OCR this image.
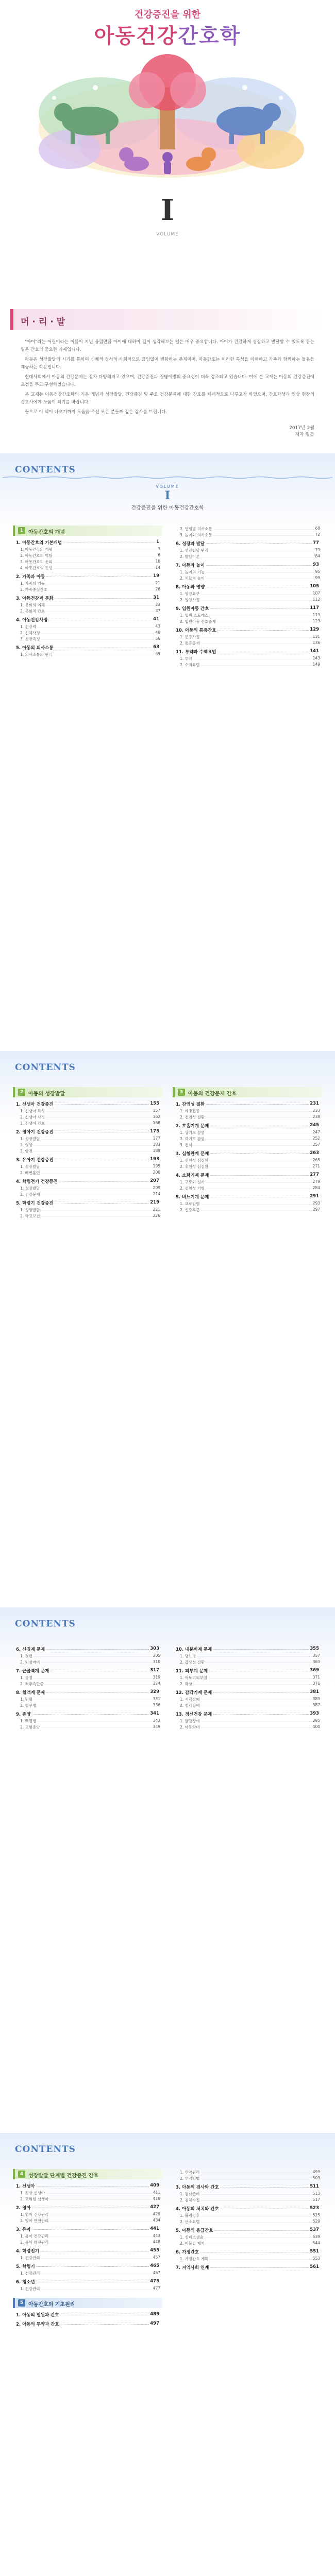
건강증진을 위한
아동건강간호학
I
VOLUME
머·리·말

"아이"라는 어린이라는 이름이 지닌 울림만큼 아이에 대하여 깊이 생각해보는 일은 매우 중요합니다. 아이가 건강하게 성장하고 발달할 수 있도록 돕는 일은 간호의 중요한 과제입니다.

아동은 성장발달의 시기를 통하여 신체적·정서적·사회적으로 끊임없이 변화하는 존재이며, 아동간호는 이러한 특성을 이해하고 가족과 함께하는 돌봄을 제공하는 학문입니다.

현대사회에서 아동의 건강문제는 점차 다양해지고 있으며, 건강증진과 질병예방의 중요성이 더욱 강조되고 있습니다. 이에 본 교재는 아동의 건강증진에 초점을 두고 구성하였습니다.

본 교재는 아동건강간호학의 기본 개념과 성장발달, 건강증진 및 주요 건강문제에 대한 간호를 체계적으로 다루고자 하였으며, 간호학생과 임상 현장의 간호사에게 도움이 되기를 바랍니다.

끝으로 이 책이 나오기까지 도움을 주신 모든 분들께 깊은 감사를 드립니다.

2017년 2월
저자 일동
CONTENTS
VOLUME
I
건강증진을 위한 아동건강간호학
1 아동간호의 개념
1. 아동간호의 기본개념	1
1. 아동건강의 개념	3
2. 아동간호의 역할	6
3. 아동간호의 윤리	10
4. 아동간호의 동향	14
2. 가족과 아동	19
1. 가족의 기능	21
2. 가족중심간호	26
3. 아동건강과 문화	31
1. 문화의 이해	33
2. 문화적 간호	37
4. 아동건강사정	41
1. 건강력	43
2. 신체사정	48
3. 성장측정	56
5. 아동의 의사소통	63
1. 의사소통의 원리	65
2. 연령별 의사소통	68
3. 놀이와 의사소통	72
6. 성장과 발달	77
1. 성장발달 원리	79
2. 발달이론	84
7. 아동과 놀이	93
1. 놀이의 기능	95
2. 치료적 놀이	99
8. 아동과 영양	105
1. 영양요구	107
2. 영양사정	112
9. 입원아동 간호	117
1. 입원 스트레스	119
2. 입원아동 간호중재	123
10. 아동의 통증간호	129
1. 통증사정	131
2. 통증중재	136
11. 투약과 수액요법	141
1. 투약	143
2. 수액요법	149
CONTENTS
2 아동의 성장발달
1. 신생아 건강증진	155
1. 신생아 특성	157
2. 신생아 사정	162
3. 신생아 간호	168
2. 영아기 건강증진	175
1. 성장발달	177
2. 영양	183
3. 안전	188
3. 유아기 건강증진	193
1. 성장발달	195
2. 배변훈련	200
4. 학령전기 건강증진	207
1. 성장발달	209
2. 건강문제	214
5. 학령기 건강증진	219
1. 성장발달	221
2. 학교보건	226
3 아동의 건강문제 간호
1. 감염성 질환	231
1. 예방접종	233
2. 전염성 질환	238
2. 호흡기계 문제	245
1. 상기도 감염	247
2. 하기도 감염	252
3. 천식	257
3. 심혈관계 문제	263
1. 선천성 심질환	265
2. 후천성 심질환	271
4. 소화기계 문제	277
1. 구토와 설사	279
2. 선천성 기형	284
5. 비뇨기계 문제	291
1. 요로감염	293
2. 신증후군	297
CONTENTS
6. 신경계 문제	303
1. 경련	305
2. 뇌성마비	310
7. 근골격계 문제	317
1. 골절	319
2. 척추측만증	324
8. 혈액계 문제	329
1. 빈혈	331
2. 혈우병	336
9. 종양	341
1. 백혈병	343
2. 고형종양	349
10. 내분비계 문제	355
1. 당뇨병	357
2. 갑상선 질환	363
11. 피부계 문제	369
1. 아토피피부염	371
2. 화상	376
12. 감각기계 문제	381
1. 시각장애	383
2. 청각장애	387
13. 정신건강 문제	393
1. 발달장애	395
2. 아동학대	400
CONTENTS
4 성장발달 단계별 건강증진 간호
1. 신생아	409
1. 정상 신생아	411
2. 고위험 신생아	418
2. 영아	427
1. 영아 건강관리	429
2. 영아 안전관리	434
3. 유아	441
1. 유아 건강관리	443
2. 유아 안전관리	448
4. 학령전기	455
1. 건강관리	457
5. 학령기	465
1. 건강관리	467
6. 청소년	475
1. 건강관리	477
5 아동간호의 기초원리
1. 아동의 입원과 간호	489
2. 아동의 투약과 간호	497
1. 투약원리	499
2. 투약방법	503
3. 아동의 검사와 간호	511
1. 검사준비	513
2. 검체수집	517
4. 아동의 처치와 간호	523
1. 활력징후	525
2. 산소요법	529
5. 아동의 응급간호	537
1. 심폐소생술	539
2. 이물질 제거	544
6. 가정간호	551
1. 가정간호 계획	553
7. 지역사회 연계	561
